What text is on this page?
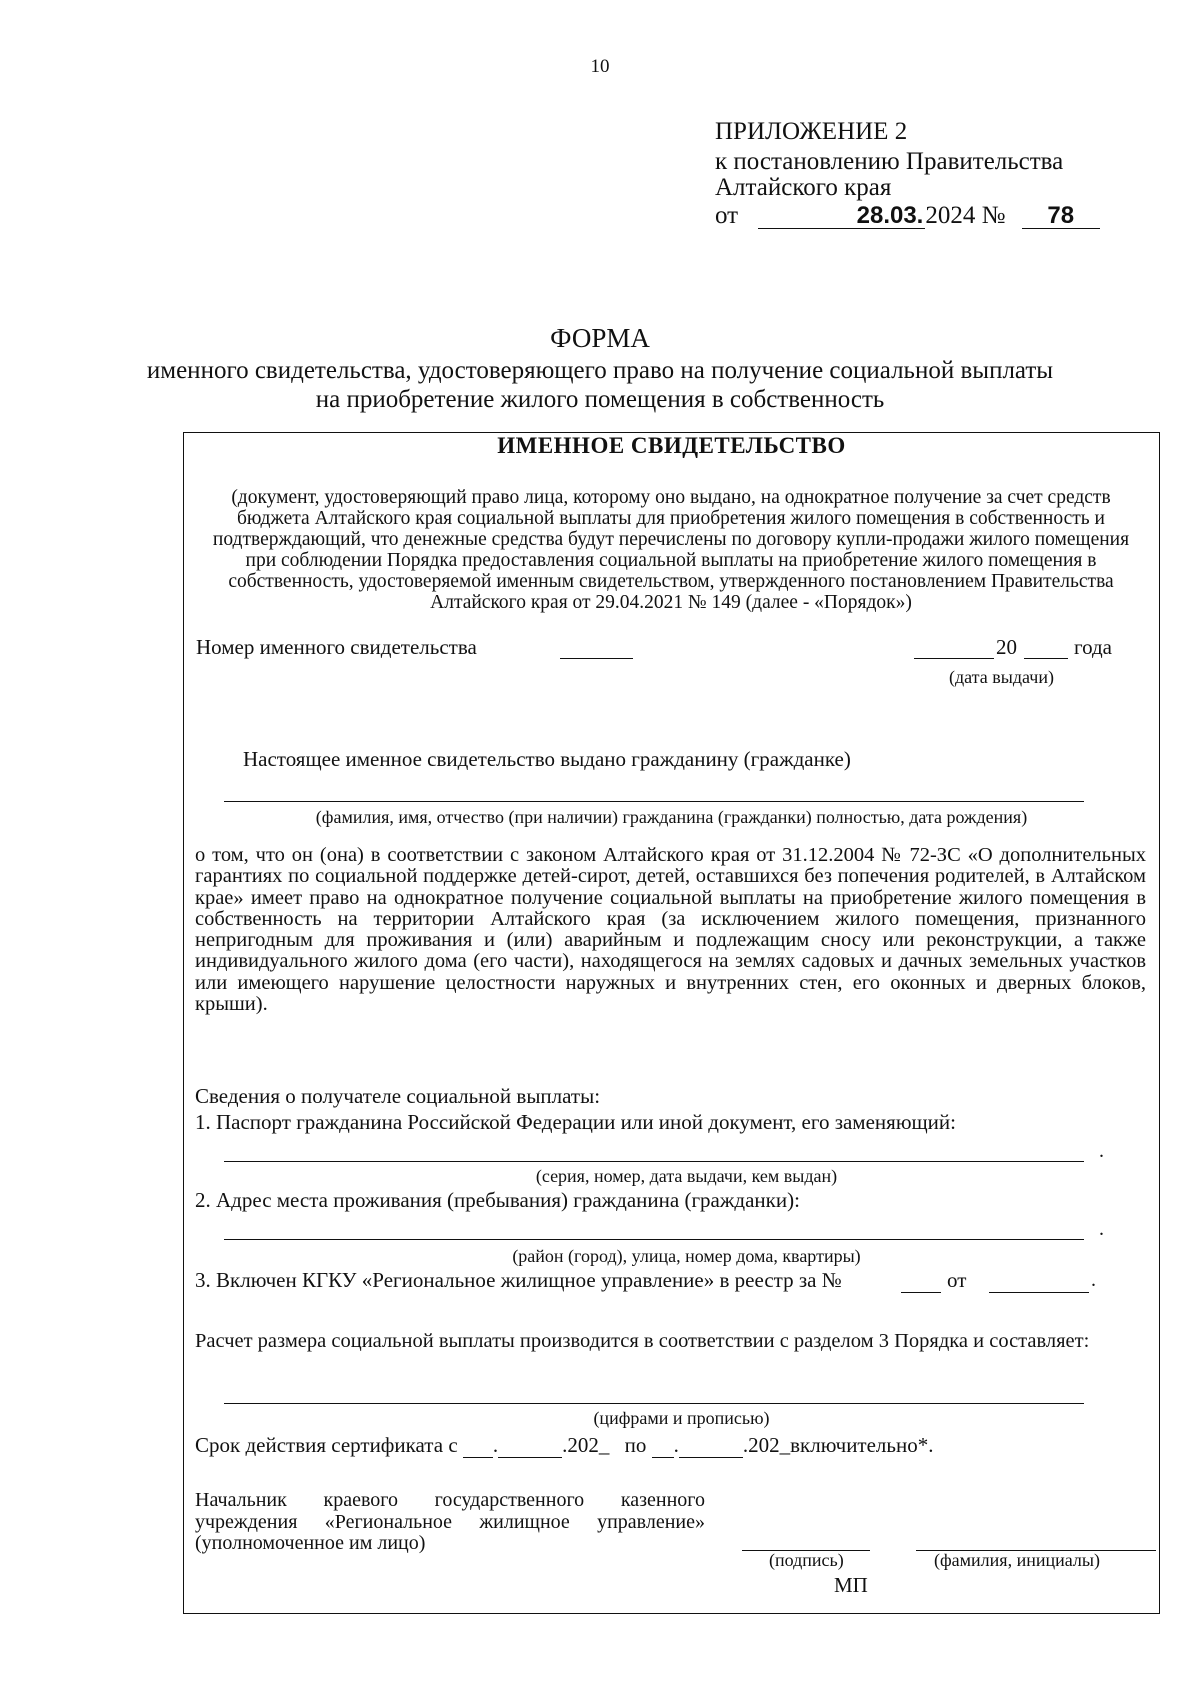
10
ПРИЛОЖЕНИЕ 2
к постановлению Правительства
Алтайского края
от	28.03.2024 № 78
ФОРМА
именного свидетельства, удостоверяющего право на получение социальной выплаты на приобретение жилого помещения в собственность
ИМЕННОЕ СВИДЕТЕЛЬСТВО
(документ, удостоверяющий право лица, которому оно выдано, на однократное получение за счет средств бюджета Алтайского края социальной выплаты для приобретения жилого помещения в собственность и подтверждающий, что денежные средства будут перечислены по договору купли-продажи жилого помещения при соблюдении Порядка предоставления социальной выплаты на приобретение жилого помещения в собственность, удостоверяемой именным свидетельством, утвержденного постановлением Правительства Алтайского края от 29.04.2021 № 149 (далее - «Порядок»)
Номер именного свидетельства	20	года
(дата выдачи)
Настоящее именное свидетельство выдано гражданину (гражданке)
(фамилия, имя, отчество (при наличии) гражданина (гражданки) полностью, дата рождения)
о том, что он (она) в соответствии с законом Алтайского края от 31.12.2004 № 72-ЗС «О дополнительных гарантиях по социальной поддержке детей-сирот, детей, оставшихся без попечения родителей, в Алтайском крае» имеет право на однократное получение социальной выплаты на приобретение жилого помещения в собственность на территории Алтайского края (за исключением жилого помещения, признанного непригодным для проживания и (или) аварийным и подлежащим сносу или реконструкции, а также индивидуального жилого дома (его части), находящегося на землях садовых и дачных земельных участков или имеющего нарушение целостности наружных и внутренних стен, его оконных и дверных блоков, крыши).
Сведения о получателе социальной выплаты:
1. Паспорт гражданина Российской Федерации или иной документ, его заменяющий:
.
(серия, номер, дата выдачи, кем выдан)
2. Адрес места проживания (пребывания) гражданина (гражданки):
.
(район (город), улица, номер дома, квартиры)
3. Включен КГКУ «Региональное жилищное управление» в реестр за №	от	.
Расчет размера социальной выплаты производится в соответствии с разделом 3 Порядка и составляет:
(цифрами и прописью)
Срок действия сертификата с .	.202_ по .	.202_включительно*.
Начальник краевого государственного казенного учреждения «Региональное жилищное управление» (уполномоченное им лицо)
(подпись)	(фамилия, инициалы)
МП
